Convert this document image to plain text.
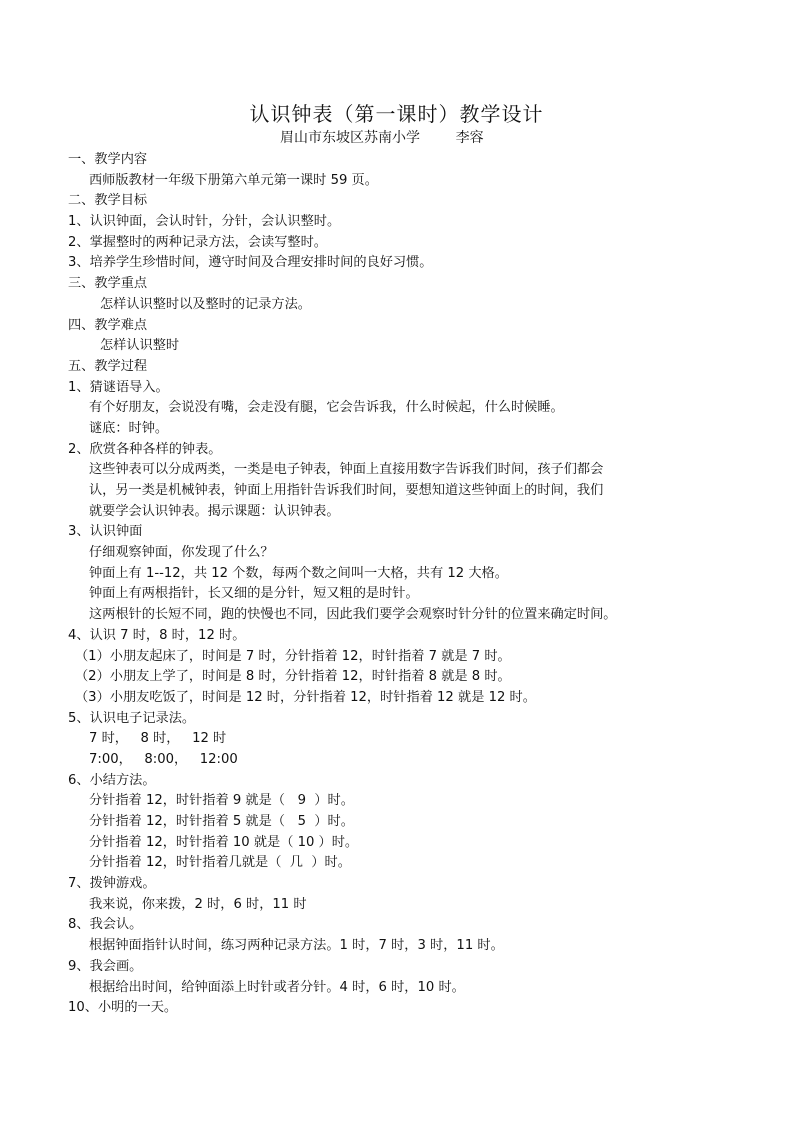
认识钟表（第一课时）教学设计
眉山市东坡区苏南小学        李容
一、教学内容
西师版教材一年级下册第六单元第一课时 59 页。
二、教学目标
1、认识钟面，会认时针，分针，会认识整时。
2、掌握整时的两种记录方法，会读写整时。
3、培养学生珍惜时间，遵守时间及合理安排时间的良好习惯。
三、教学重点
怎样认识整时以及整时的记录方法。
四、教学难点
怎样认识整时
五、教学过程
1、猜谜语导入。
有个好朋友，会说没有嘴，会走没有腿，它会告诉我，什么时候起，什么时候睡。
谜底：时钟。
2、欣赏各种各样的钟表。
这些钟表可以分成两类，一类是电子钟表，钟面上直接用数字告诉我们时间，孩子们都会
认，另一类是机械钟表，钟面上用指针告诉我们时间，要想知道这些钟面上的时间，我们
就要学会认识钟表。揭示课题：认识钟表。
3、认识钟面
仔细观察钟面，你发现了什么？
钟面上有 1--12，共 12 个数，每两个数之间叫一大格，共有 12 大格。
钟面上有两根指针，长又细的是分针，短又粗的是时针。
这两根针的长短不同，跑的快慢也不同，因此我们要学会观察时针分针的位置来确定时间。
4、认识 7 时，8 时，12 时。
（1）小朋友起床了，时间是 7 时，分针指着 12，时针指着 7 就是 7 时。
（2）小朋友上学了，时间是 8 时，分针指着 12，时针指着 8 就是 8 时。
（3）小朋友吃饭了，时间是 12 时，分针指着 12，时针指着 12 就是 12 时。
5、认识电子记录法。
7 时，   8 时，   12 时
7:00，   8:00，   12:00
6、小结方法。
分针指着 12，时针指着 9 就是（   9  ）时。
分针指着 12，时针指着 5 就是（   5  ）时。
分针指着 12，时针指着 10 就是（ 10 ）时。
分针指着 12，时针指着几就是（  几  ）时。
7、拨钟游戏。
我来说，你来拨，2 时，6 时，11 时
8、我会认。
根据钟面指针认时间，练习两种记录方法。1 时，7 时，3 时，11 时。
9、我会画。
根据给出时间，给钟面添上时针或者分针。4 时，6 时，10 时。
10、小明的一天。
